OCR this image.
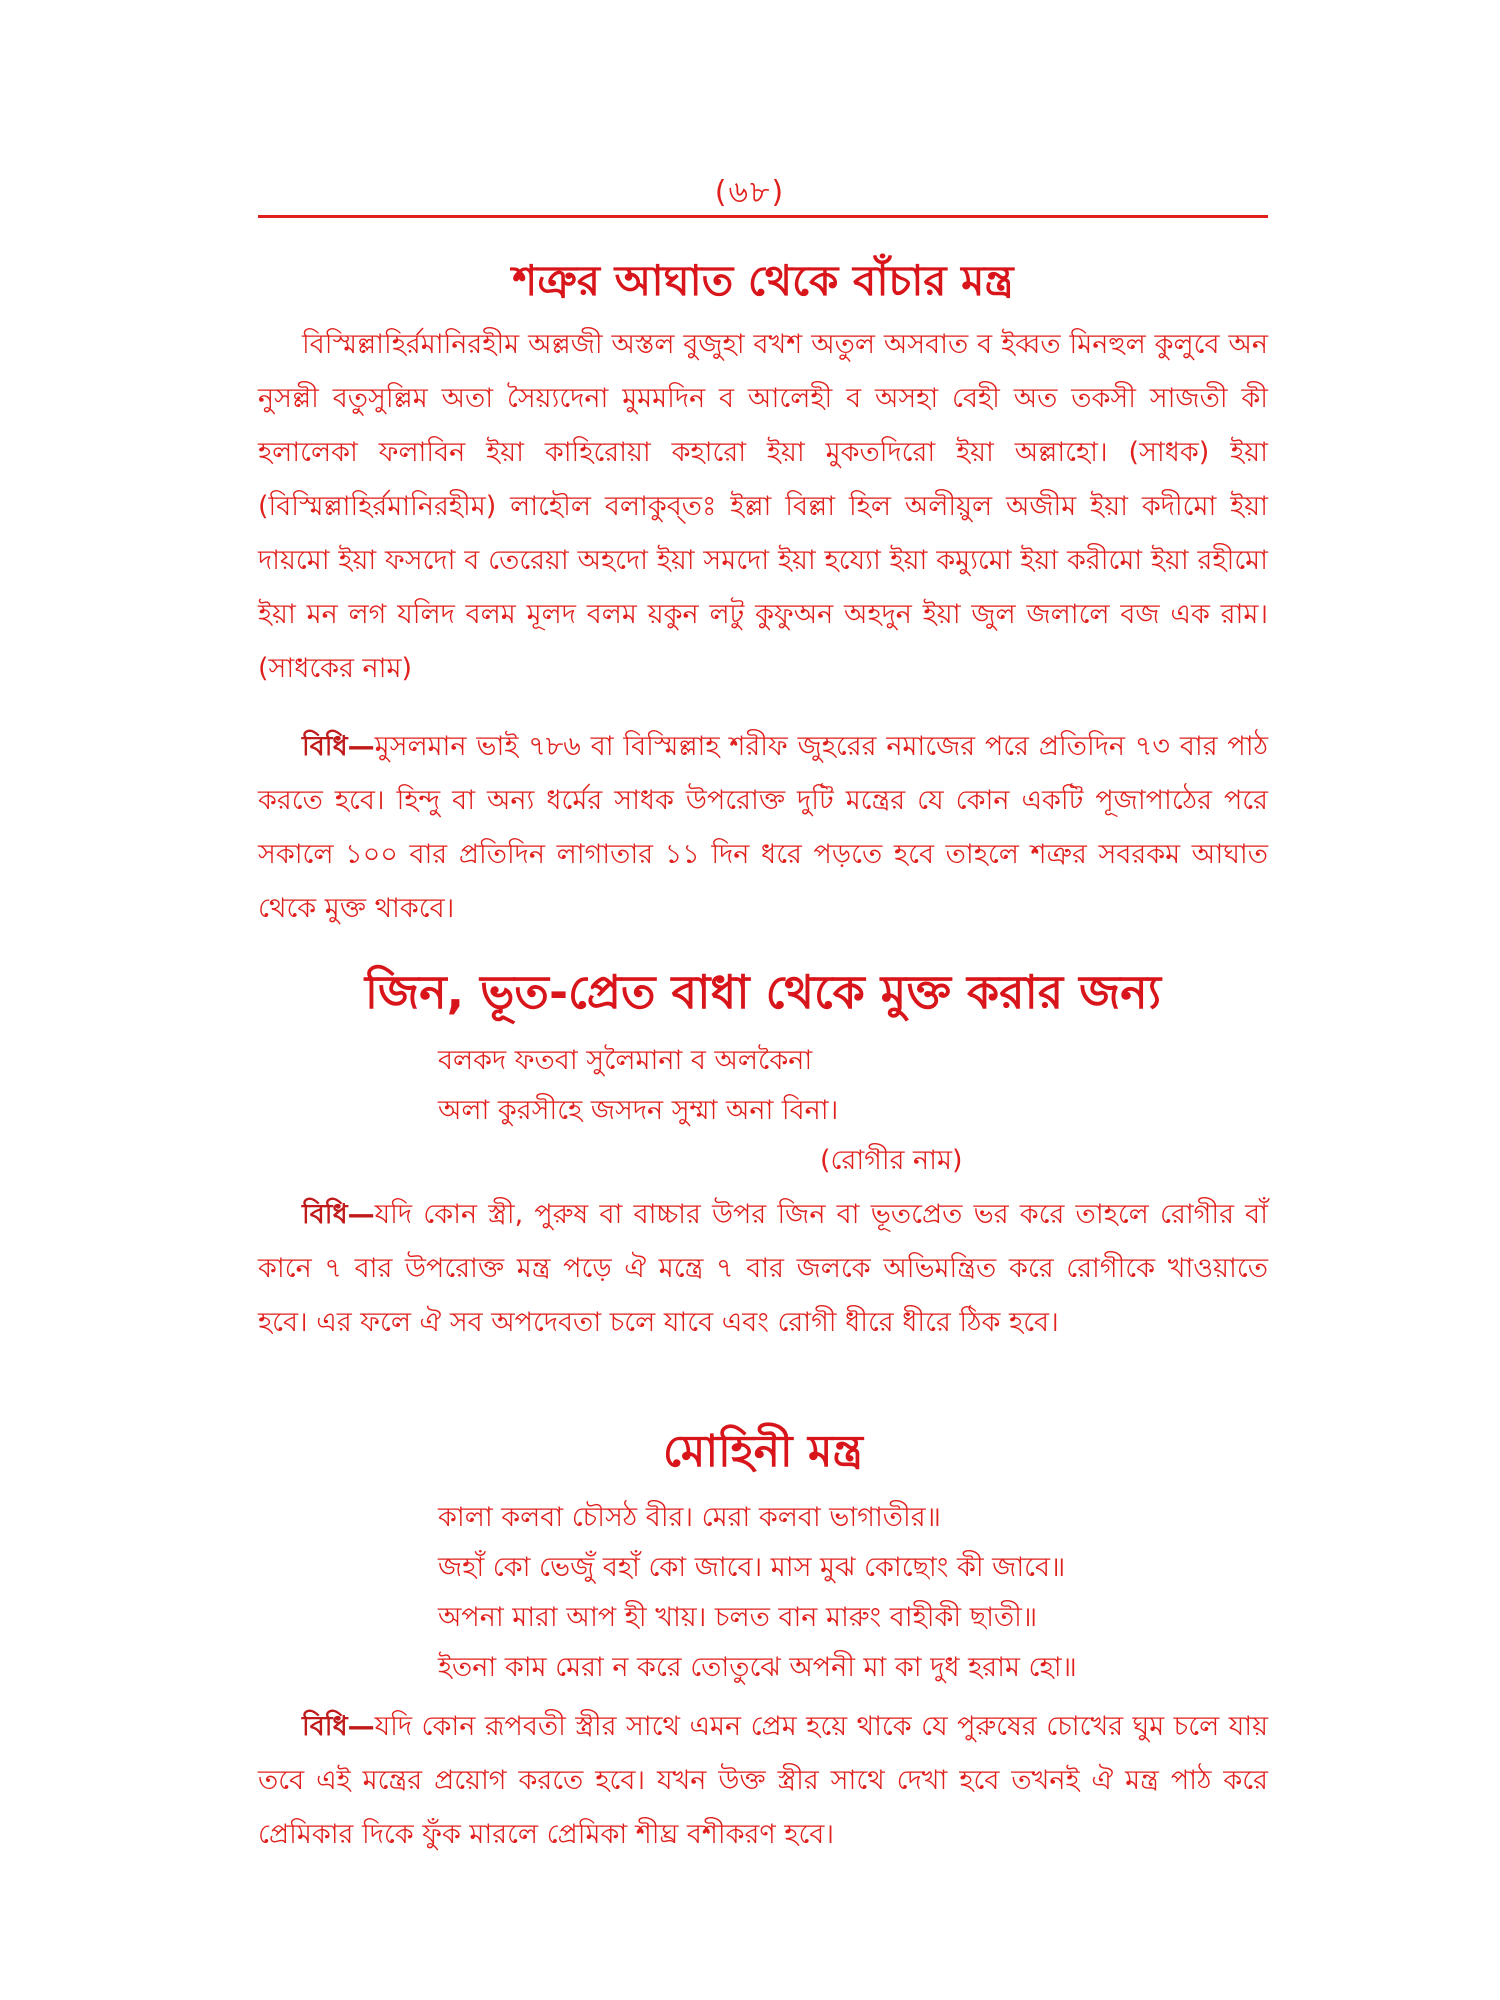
(৬৮)
শত্রুর আঘাত থেকে বাঁচার মন্ত্র
বিস্মিল্লাহির্রমানিরহীম অল্লজী অস্তল বুজুহা বখশ অতুল অসবাত ব ইব্বত মিনহুল কুলুবে অন নুসল্লী বতুসুল্লিম অতা সৈয়্যদেনা মুমমদিন ব আলেহী ব অসহা বেহী অত তকসী সাজতী কী হলালেকা ফলাবিন ইয়া কাহিরোয়া কহারো ইয়া মুকতদিরো ইয়া অল্লাহো। (সাধক) ইয়া (বিস্মিল্লাহির্রমানিরহীম) লাহৌল বলাকুব্তঃ ইল্লা বিল্লা হিল অলীয়ুল অজীম ইয়া কদীমো ইয়া দায়মো ইয়া ফসদো ব তেরেয়া অহদো ইয়া সমদো ইয়া হয্যো ইয়া কম্যুমো ইয়া করীমো ইয়া রহীমো ইয়া মন লগ যলিদ বলম মূলদ বলম য়কুন লটু কুফুঅন অহদুন ইয়া জুল জলালে বজ এক রাম। (সাধকের নাম)
বিধি—মুসলমান ভাই ৭৮৬ বা বিস্মিল্লাহ শরীফ জুহরের নমাজের পরে প্রতিদিন ৭৩ বার পাঠ করতে হবে। হিন্দু বা অন্য ধর্মের সাধক উপরোক্ত দুটি মন্ত্রের যে কোন একটি পূজাপাঠের পরে সকালে ১০০ বার প্রতিদিন লাগাতার ১১ দিন ধরে পড়তে হবে তাহলে শত্রুর সবরকম আঘাত থেকে মুক্ত থাকবে।
জিন, ভূত-প্রেত বাধা থেকে মুক্ত করার জন্য
বলকদ ফতবা সুলৈমানা ব অলকৈনা
অলা কুরসীহে জসদন সুম্মা অনা বিনা।
(রোগীর নাম)
বিধি—যদি কোন স্ত্রী, পুরুষ বা বাচ্চার উপর জিন বা ভূতপ্রেত ভর করে তাহলে রোগীর বাঁ কানে ৭ বার উপরোক্ত মন্ত্র পড়ে ঐ মন্ত্রে ৭ বার জলকে অভিমন্ত্রিত করে রোগীকে খাওয়াতে হবে। এর ফলে ঐ সব অপদেবতা চলে যাবে এবং রোগী ধীরে ধীরে ঠিক হবে।
মোহিনী মন্ত্র
কালা কলবা চৌসঠ বীর। মেরা কলবা ভাগাতীর॥
জহাঁ কো ভেজুঁ বহাঁ কো জাবে। মাস মুঝ কোছোং কী জাবে॥
অপনা মারা আপ হী খায়। চলত বান মারুং বাহীকী ছাতী॥
ইতনা কাম মেরা ন করে তোতুঝে অপনী মা কা দুধ হরাম হো॥
বিধি—যদি কোন রূপবতী স্ত্রীর সাথে এমন প্রেম হয়ে থাকে যে পুরুষের চোখের ঘুম চলে যায় তবে এই মন্ত্রের প্রয়োগ করতে হবে। যখন উক্ত স্ত্রীর সাথে দেখা হবে তখনই ঐ মন্ত্র পাঠ করে প্রেমিকার দিকে ফুঁক মারলে প্রেমিকা শীঘ্র বশীকরণ হবে।
